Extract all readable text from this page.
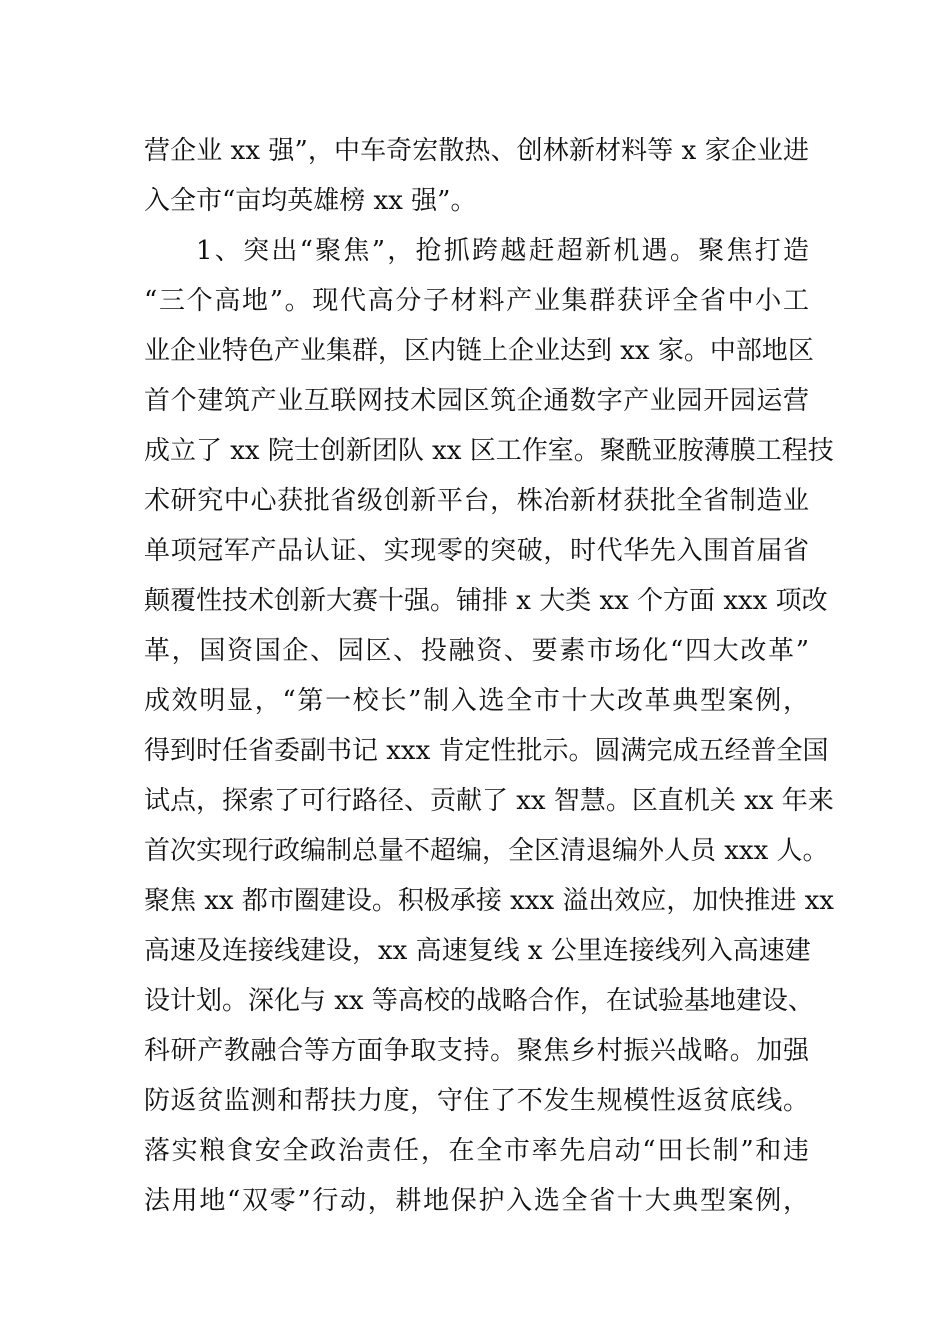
营企业 xx 强”，中车奇宏散热、创林新材料等 x 家企业进
入全市“亩均英雄榜 xx 强”。
1、突出“聚焦”，抢抓跨越赶超新机遇。聚焦打造
“三个高地”。现代高分子材料产业集群获评全省中小工
业企业特色产业集群，区内链上企业达到 xx 家。中部地区
首个建筑产业互联网技术园区筑企通数字产业园开园运营
成立了 xx 院士创新团队 xx 区工作室。聚酰亚胺薄膜工程技
术研究中心获批省级创新平台，株冶新材获批全省制造业
单项冠军产品认证、实现零的突破，时代华先入围首届省
颠覆性技术创新大赛十强。铺排 x 大类 xx 个方面 xxx 项改
革，国资国企、园区、投融资、要素市场化“四大改革”
成效明显，“第一校长”制入选全市十大改革典型案例，
得到时任省委副书记 xxx 肯定性批示。圆满完成五经普全国
试点，探索了可行路径、贡献了 xx 智慧。区直机关 xx 年来
首次实现行政编制总量不超编，全区清退编外人员 xxx 人。
聚焦 xx 都市圈建设。积极承接 xxx 溢出效应，加快推进 xx
高速及连接线建设，xx 高速复线 x 公里连接线列入高速建
设计划。深化与 xx 等高校的战略合作，在试验基地建设、
科研产教融合等方面争取支持。聚焦乡村振兴战略。加强
防返贫监测和帮扶力度，守住了不发生规模性返贫底线。
落实粮食安全政治责任，在全市率先启动“田长制”和违
法用地“双零”行动，耕地保护入选全省十大典型案例，
